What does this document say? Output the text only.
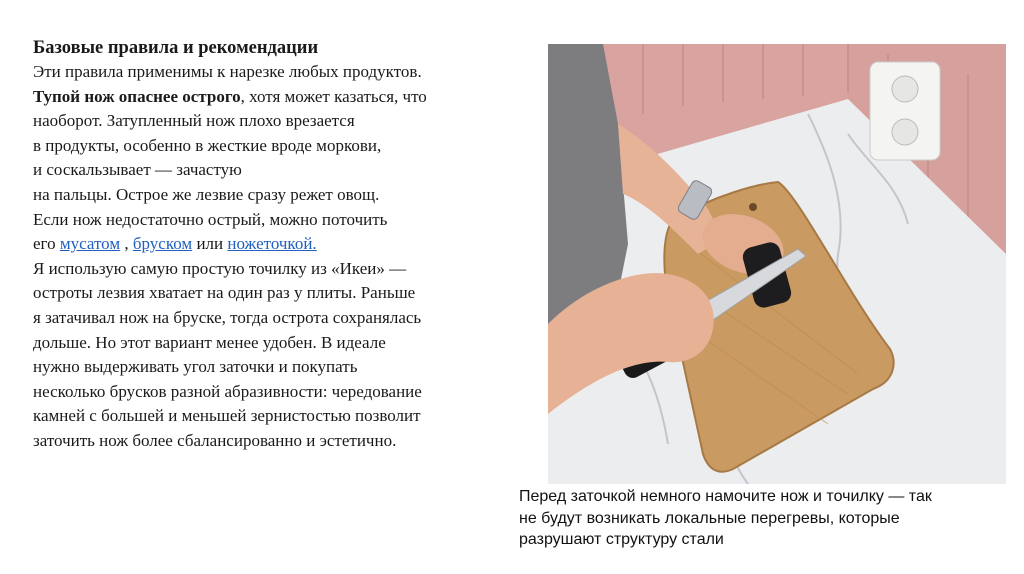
Базовые правила и рекомендации
Эти правила применимы к нарезке любых продуктов.
Тупой нож опаснее острого, хотя может казаться, что
наоборот. Затупленный нож плохо врезается
в продукты, особенно в жесткие вроде моркови,
и соскальзывает — зачастую
на пальцы. Острое же лезвие сразу режет овощ.
Если нож недостаточно острый, можно поточить
его мусатом , бруском или ножеточкой.
Я использую самую простую точилку из «Икеи» —
остроты лезвия хватает на один раз у плиты. Раньше
я затачивал нож на бруске, тогда острота сохранялась
дольше. Но этот вариант менее удобен. В идеале
нужно выдерживать угол заточки и покупать
несколько брусков разной абразивности: чередование
камней с большей и меньшей зернистостью позволит
заточить нож более сбалансированно и эстетично.
Перед заточкой немного намочите нож и точилку — так
не будут возникать локальные перегревы, которые
разрушают структуру стали
